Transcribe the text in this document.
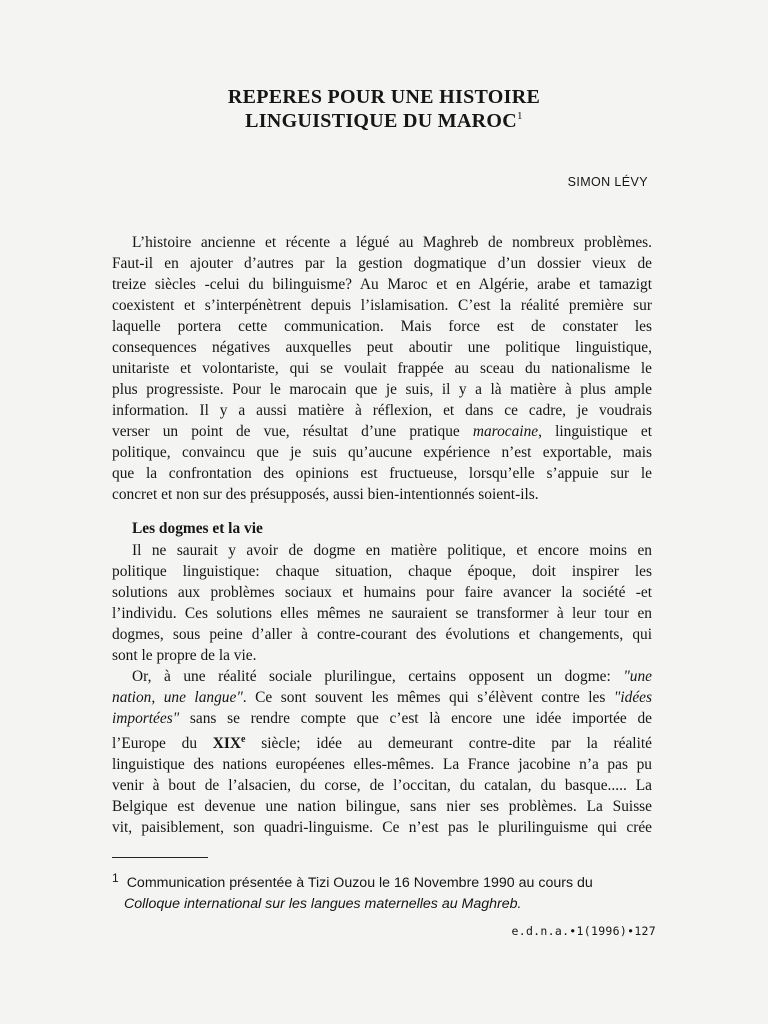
REPERES POUR UNE HISTOIRE
LINGUISTIQUE DU MAROC$^1$
SIMON LÉVY
L’histoire ancienne et récente a légué au Maghreb de nombreux problèmes.
Faut-il en ajouter d’autres par la gestion dogmatique d’un dossier vieux de
treize siècles -celui du bilinguisme? Au Maroc et en Algérie, arabe et tamazigt
coexistent et s’interpénètrent depuis l’islamisation. C’est la réalité première sur
laquelle portera cette communication. Mais force est de constater les
consequences négatives auxquelles peut aboutir une politique linguistique,
unitariste et volontariste, qui se voulait frappée au sceau du nationalisme le
plus progressiste. Pour le marocain que je suis, il y a là matière à plus ample
information. Il y a aussi matière à réflexion, et dans ce cadre, je voudrais
verser un point de vue, résultat d’une pratique marocaine, linguistique et
politique, convaincu que je suis qu’aucune expérience n’est exportable, mais
que la confrontation des opinions est fructueuse, lorsqu’elle s’appuie sur le
concret et non sur des présupposés, aussi bien-intentionnés soient-ils.
Les dogmes et la vie
Il ne saurait y avoir de dogme en matière politique, et encore moins en
politique linguistique: chaque situation, chaque époque, doit inspirer les
solutions aux problèmes sociaux et humains pour faire avancer la société -et
l’individu. Ces solutions elles mêmes ne sauraient se transformer à leur tour en
dogmes, sous peine d’aller à contre-courant des évolutions et changements, qui
sont le propre de la vie.
Or, à une réalité sociale plurilingue, certains opposent un dogme: "une
nation, une langue". Ce sont souvent les mêmes qui s’élèvent contre les "idées
importées" sans se rendre compte que c’est là encore une idée importée de
l’Europe du XIXe siècle; idée au demeurant contre-dite par la réalité
linguistique des nations européenes elles-mêmes. La France jacobine n’a pas pu
venir à bout de l’alsacien, du corse, de l’occitan, du catalan, du basque..... La
Belgique est devenue une nation bilingue, sans nier ses problèmes. La Suisse
vit, paisiblement, son quadri-linguisme. Ce n’est pas le plurilinguisme qui crée
$^1$ Communication présentée à Tizi Ouzou le 16 Novembre 1990 au cours du
Colloque international sur les langues maternelles au Maghreb.
e.d.n.a.•1(1996)•127
